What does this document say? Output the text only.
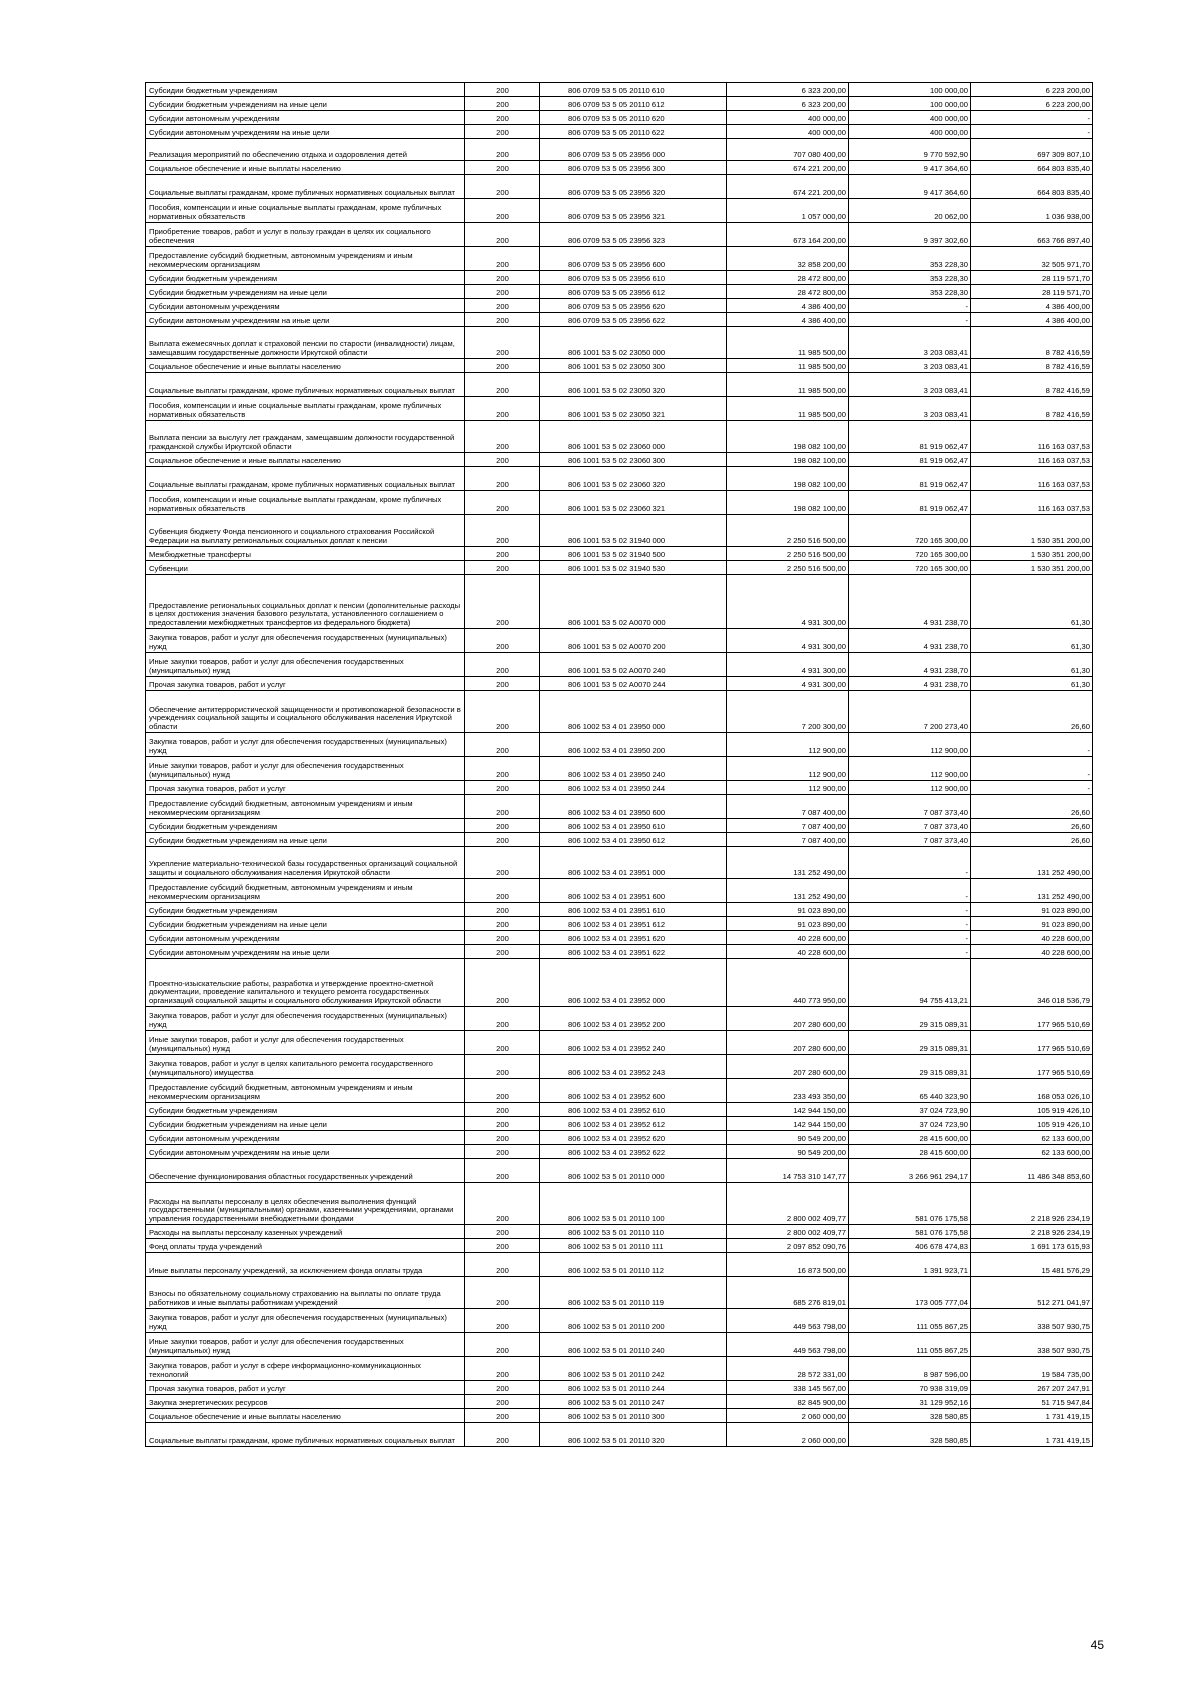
Субсидии бюджетным учреждениям	200	806 0709 53 5 05 20110 610	6 323 200,00	100 000,00	6 223 200,00
Субсидии бюджетным учреждениям на иные цели	200	806 0709 53 5 05 20110 612	6 323 200,00	100 000,00	6 223 200,00
Субсидии автономным учреждениям	200	806 0709 53 5 05 20110 620	400 000,00	400 000,00	-
Субсидии автономным учреждениям на иные цели	200	806 0709 53 5 05 20110 622	400 000,00	400 000,00	-
Реализация мероприятий по обеспечению отдыха и оздоровления детей	200	806 0709 53 5 05 23956 000	707 080 400,00	9 770 592,90	697 309 807,10
Социальное обеспечение и иные выплаты населению	200	806 0709 53 5 05 23956 300	674 221 200,00	9 417 364,60	664 803 835,40
Социальные выплаты гражданам, кроме публичных нормативных социальных выплат	200	806 0709 53 5 05 23956 320	674 221 200,00	9 417 364,60	664 803 835,40
Пособия, компенсации и иные социальные выплаты гражданам, кроме публичных нормативных обязательств	200	806 0709 53 5 05 23956 321	1 057 000,00	20 062,00	1 036 938,00
Приобретение товаров, работ и услуг в пользу граждан в целях их социального обеспечения	200	806 0709 53 5 05 23956 323	673 164 200,00	9 397 302,60	663 766 897,40
Предоставление субсидий бюджетным, автономным учреждениям и иным некоммерческим организациям	200	806 0709 53 5 05 23956 600	32 858 200,00	353 228,30	32 505 971,70
Субсидии бюджетным учреждениям	200	806 0709 53 5 05 23956 610	28 472 800,00	353 228,30	28 119 571,70
Субсидии бюджетным учреждениям на иные цели	200	806 0709 53 5 05 23956 612	28 472 800,00	353 228,30	28 119 571,70
Субсидии автономным учреждениям	200	806 0709 53 5 05 23956 620	4 386 400,00	-	4 386 400,00
Субсидии автономным учреждениям на иные цели	200	806 0709 53 5 05 23956 622	4 386 400,00	-	4 386 400,00
Выплата ежемесячных доплат к страховой пенсии по старости (инвалидности) лицам, замещавшим государственные должности Иркутской области	200	806 1001 53 5 02 23050 000	11 985 500,00	3 203 083,41	8 782 416,59
Социальное обеспечение и иные выплаты населению	200	806 1001 53 5 02 23050 300	11 985 500,00	3 203 083,41	8 782 416,59
Социальные выплаты гражданам, кроме публичных нормативных социальных выплат	200	806 1001 53 5 02 23050 320	11 985 500,00	3 203 083,41	8 782 416,59
Пособия, компенсации и иные социальные выплаты гражданам, кроме публичных нормативных обязательств	200	806 1001 53 5 02 23050 321	11 985 500,00	3 203 083,41	8 782 416,59
Выплата пенсии за выслугу лет гражданам, замещавшим должности государственной гражданской службы Иркутской области	200	806 1001 53 5 02 23060 000	198 082 100,00	81 919 062,47	116 163 037,53
Социальное обеспечение и иные выплаты населению	200	806 1001 53 5 02 23060 300	198 082 100,00	81 919 062,47	116 163 037,53
Социальные выплаты гражданам, кроме публичных нормативных социальных выплат	200	806 1001 53 5 02 23060 320	198 082 100,00	81 919 062,47	116 163 037,53
Пособия, компенсации и иные социальные выплаты гражданам, кроме публичных нормативных обязательств	200	806 1001 53 5 02 23060 321	198 082 100,00	81 919 062,47	116 163 037,53
Субвенция бюджету Фонда пенсионного и социального страхования Российской Федерации на выплату региональных социальных доплат к пенсии	200	806 1001 53 5 02 31940 000	2 250 516 500,00	720 165 300,00	1 530 351 200,00
Межбюджетные трансферты	200	806 1001 53 5 02 31940 500	2 250 516 500,00	720 165 300,00	1 530 351 200,00
Субвенции	200	806 1001 53 5 02 31940 530	2 250 516 500,00	720 165 300,00	1 530 351 200,00
Предоставление региональных социальных доплат к пенсии (дополнительные расходы в целях достижения значения базового результата, установленного соглашением о предоставлении межбюджетных трансфертов из федерального бюджета)	200	806 1001 53 5 02 A0070 000	4 931 300,00	4 931 238,70	61,30
Закупка товаров, работ и услуг для обеспечения государственных (муниципальных) нужд	200	806 1001 53 5 02 A0070 200	4 931 300,00	4 931 238,70	61,30
Иные закупки товаров, работ и услуг для обеспечения государственных (муниципальных) нужд	200	806 1001 53 5 02 A0070 240	4 931 300,00	4 931 238,70	61,30
Прочая закупка товаров, работ и услуг	200	806 1001 53 5 02 A0070 244	4 931 300,00	4 931 238,70	61,30
Обеспечение антитеррористической защищенности и противопожарной безопасности в учреждениях социальной защиты и социального обслуживания населения Иркутской области	200	806 1002 53 4 01 23950 000	7 200 300,00	7 200 273,40	26,60
Закупка товаров, работ и услуг для обеспечения государственных (муниципальных) нужд	200	806 1002 53 4 01 23950 200	112 900,00	112 900,00	-
Иные закупки товаров, работ и услуг для обеспечения государственных (муниципальных) нужд	200	806 1002 53 4 01 23950 240	112 900,00	112 900,00	-
Прочая закупка товаров, работ и услуг	200	806 1002 53 4 01 23950 244	112 900,00	112 900,00	-
Предоставление субсидий бюджетным, автономным учреждениям и иным некоммерческим организациям	200	806 1002 53 4 01 23950 600	7 087 400,00	7 087 373,40	26,60
Субсидии бюджетным учреждениям	200	806 1002 53 4 01 23950 610	7 087 400,00	7 087 373,40	26,60
Субсидии бюджетным учреждениям на иные цели	200	806 1002 53 4 01 23950 612	7 087 400,00	7 087 373,40	26,60
Укрепление материально-технической базы государственных организаций социальной защиты и социального обслуживания населения Иркутской области	200	806 1002 53 4 01 23951 000	131 252 490,00	-	131 252 490,00
Предоставление субсидий бюджетным, автономным учреждениям и иным некоммерческим организациям	200	806 1002 53 4 01 23951 600	131 252 490,00	-	131 252 490,00
Субсидии бюджетным учреждениям	200	806 1002 53 4 01 23951 610	91 023 890,00	-	91 023 890,00
Субсидии бюджетным учреждениям на иные цели	200	806 1002 53 4 01 23951 612	91 023 890,00	-	91 023 890,00
Субсидии автономным учреждениям	200	806 1002 53 4 01 23951 620	40 228 600,00	-	40 228 600,00
Субсидии автономным учреждениям на иные цели	200	806 1002 53 4 01 23951 622	40 228 600,00	-	40 228 600,00
Проектно-изыскательские работы, разработка и утверждение проектно-сметной документации, проведение капитального и текущего ремонта государственных организаций социальной защиты и социального обслуживания Иркутской области	200	806 1002 53 4 01 23952 000	440 773 950,00	94 755 413,21	346 018 536,79
Закупка товаров, работ и услуг для обеспечения государственных (муниципальных) нужд	200	806 1002 53 4 01 23952 200	207 280 600,00	29 315 089,31	177 965 510,69
Иные закупки товаров, работ и услуг для обеспечения государственных (муниципальных) нужд	200	806 1002 53 4 01 23952 240	207 280 600,00	29 315 089,31	177 965 510,69
Закупка товаров, работ и услуг в целях капитального ремонта государственного (муниципального) имущества	200	806 1002 53 4 01 23952 243	207 280 600,00	29 315 089,31	177 965 510,69
Предоставление субсидий бюджетным, автономным учреждениям и иным некоммерческим организациям	200	806 1002 53 4 01 23952 600	233 493 350,00	65 440 323,90	168 053 026,10
Субсидии бюджетным учреждениям	200	806 1002 53 4 01 23952 610	142 944 150,00	37 024 723,90	105 919 426,10
Субсидии бюджетным учреждениям на иные цели	200	806 1002 53 4 01 23952 612	142 944 150,00	37 024 723,90	105 919 426,10
Субсидии автономным учреждениям	200	806 1002 53 4 01 23952 620	90 549 200,00	28 415 600,00	62 133 600,00
Субсидии автономным учреждениям на иные цели	200	806 1002 53 4 01 23952 622	90 549 200,00	28 415 600,00	62 133 600,00
Обеспечение функционирования областных государственных учреждений	200	806 1002 53 5 01 20110 000	14 753 310 147,77	3 266 961 294,17	11 486 348 853,60
Расходы на выплаты персоналу в целях обеспечения выполнения функций государственными (муниципальными) органами, казенными учреждениями, органами управления государственными внебюджетными фондами	200	806 1002 53 5 01 20110 100	2 800 002 409,77	581 076 175,58	2 218 926 234,19
Расходы на выплаты персоналу казенных учреждений	200	806 1002 53 5 01 20110 110	2 800 002 409,77	581 076 175,58	2 218 926 234,19
Фонд оплаты труда учреждений	200	806 1002 53 5 01 20110 111	2 097 852 090,76	406 678 474,83	1 691 173 615,93
Иные выплаты персоналу учреждений, за исключением фонда оплаты труда	200	806 1002 53 5 01 20110 112	16 873 500,00	1 391 923,71	15 481 576,29
Взносы по обязательному социальному страхованию на выплаты по оплате труда работников и иные выплаты работникам учреждений	200	806 1002 53 5 01 20110 119	685 276 819,01	173 005 777,04	512 271 041,97
Закупка товаров, работ и услуг для обеспечения государственных (муниципальных) нужд	200	806 1002 53 5 01 20110 200	449 563 798,00	111 055 867,25	338 507 930,75
Иные закупки товаров, работ и услуг для обеспечения государственных (муниципальных) нужд	200	806 1002 53 5 01 20110 240	449 563 798,00	111 055 867,25	338 507 930,75
Закупка товаров, работ и услуг в сфере информационно-коммуникационных технологий	200	806 1002 53 5 01 20110 242	28 572 331,00	8 987 596,00	19 584 735,00
Прочая закупка товаров, работ и услуг	200	806 1002 53 5 01 20110 244	338 145 567,00	70 938 319,09	267 207 247,91
Закупка энергетических ресурсов	200	806 1002 53 5 01 20110 247	82 845 900,00	31 129 952,16	51 715 947,84
Социальное обеспечение и иные выплаты населению	200	806 1002 53 5 01 20110 300	2 060 000,00	328 580,85	1 731 419,15
Социальные выплаты гражданам, кроме публичных нормативных социальных выплат	200	806 1002 53 5 01 20110 320	2 060 000,00	328 580,85	1 731 419,15
45
